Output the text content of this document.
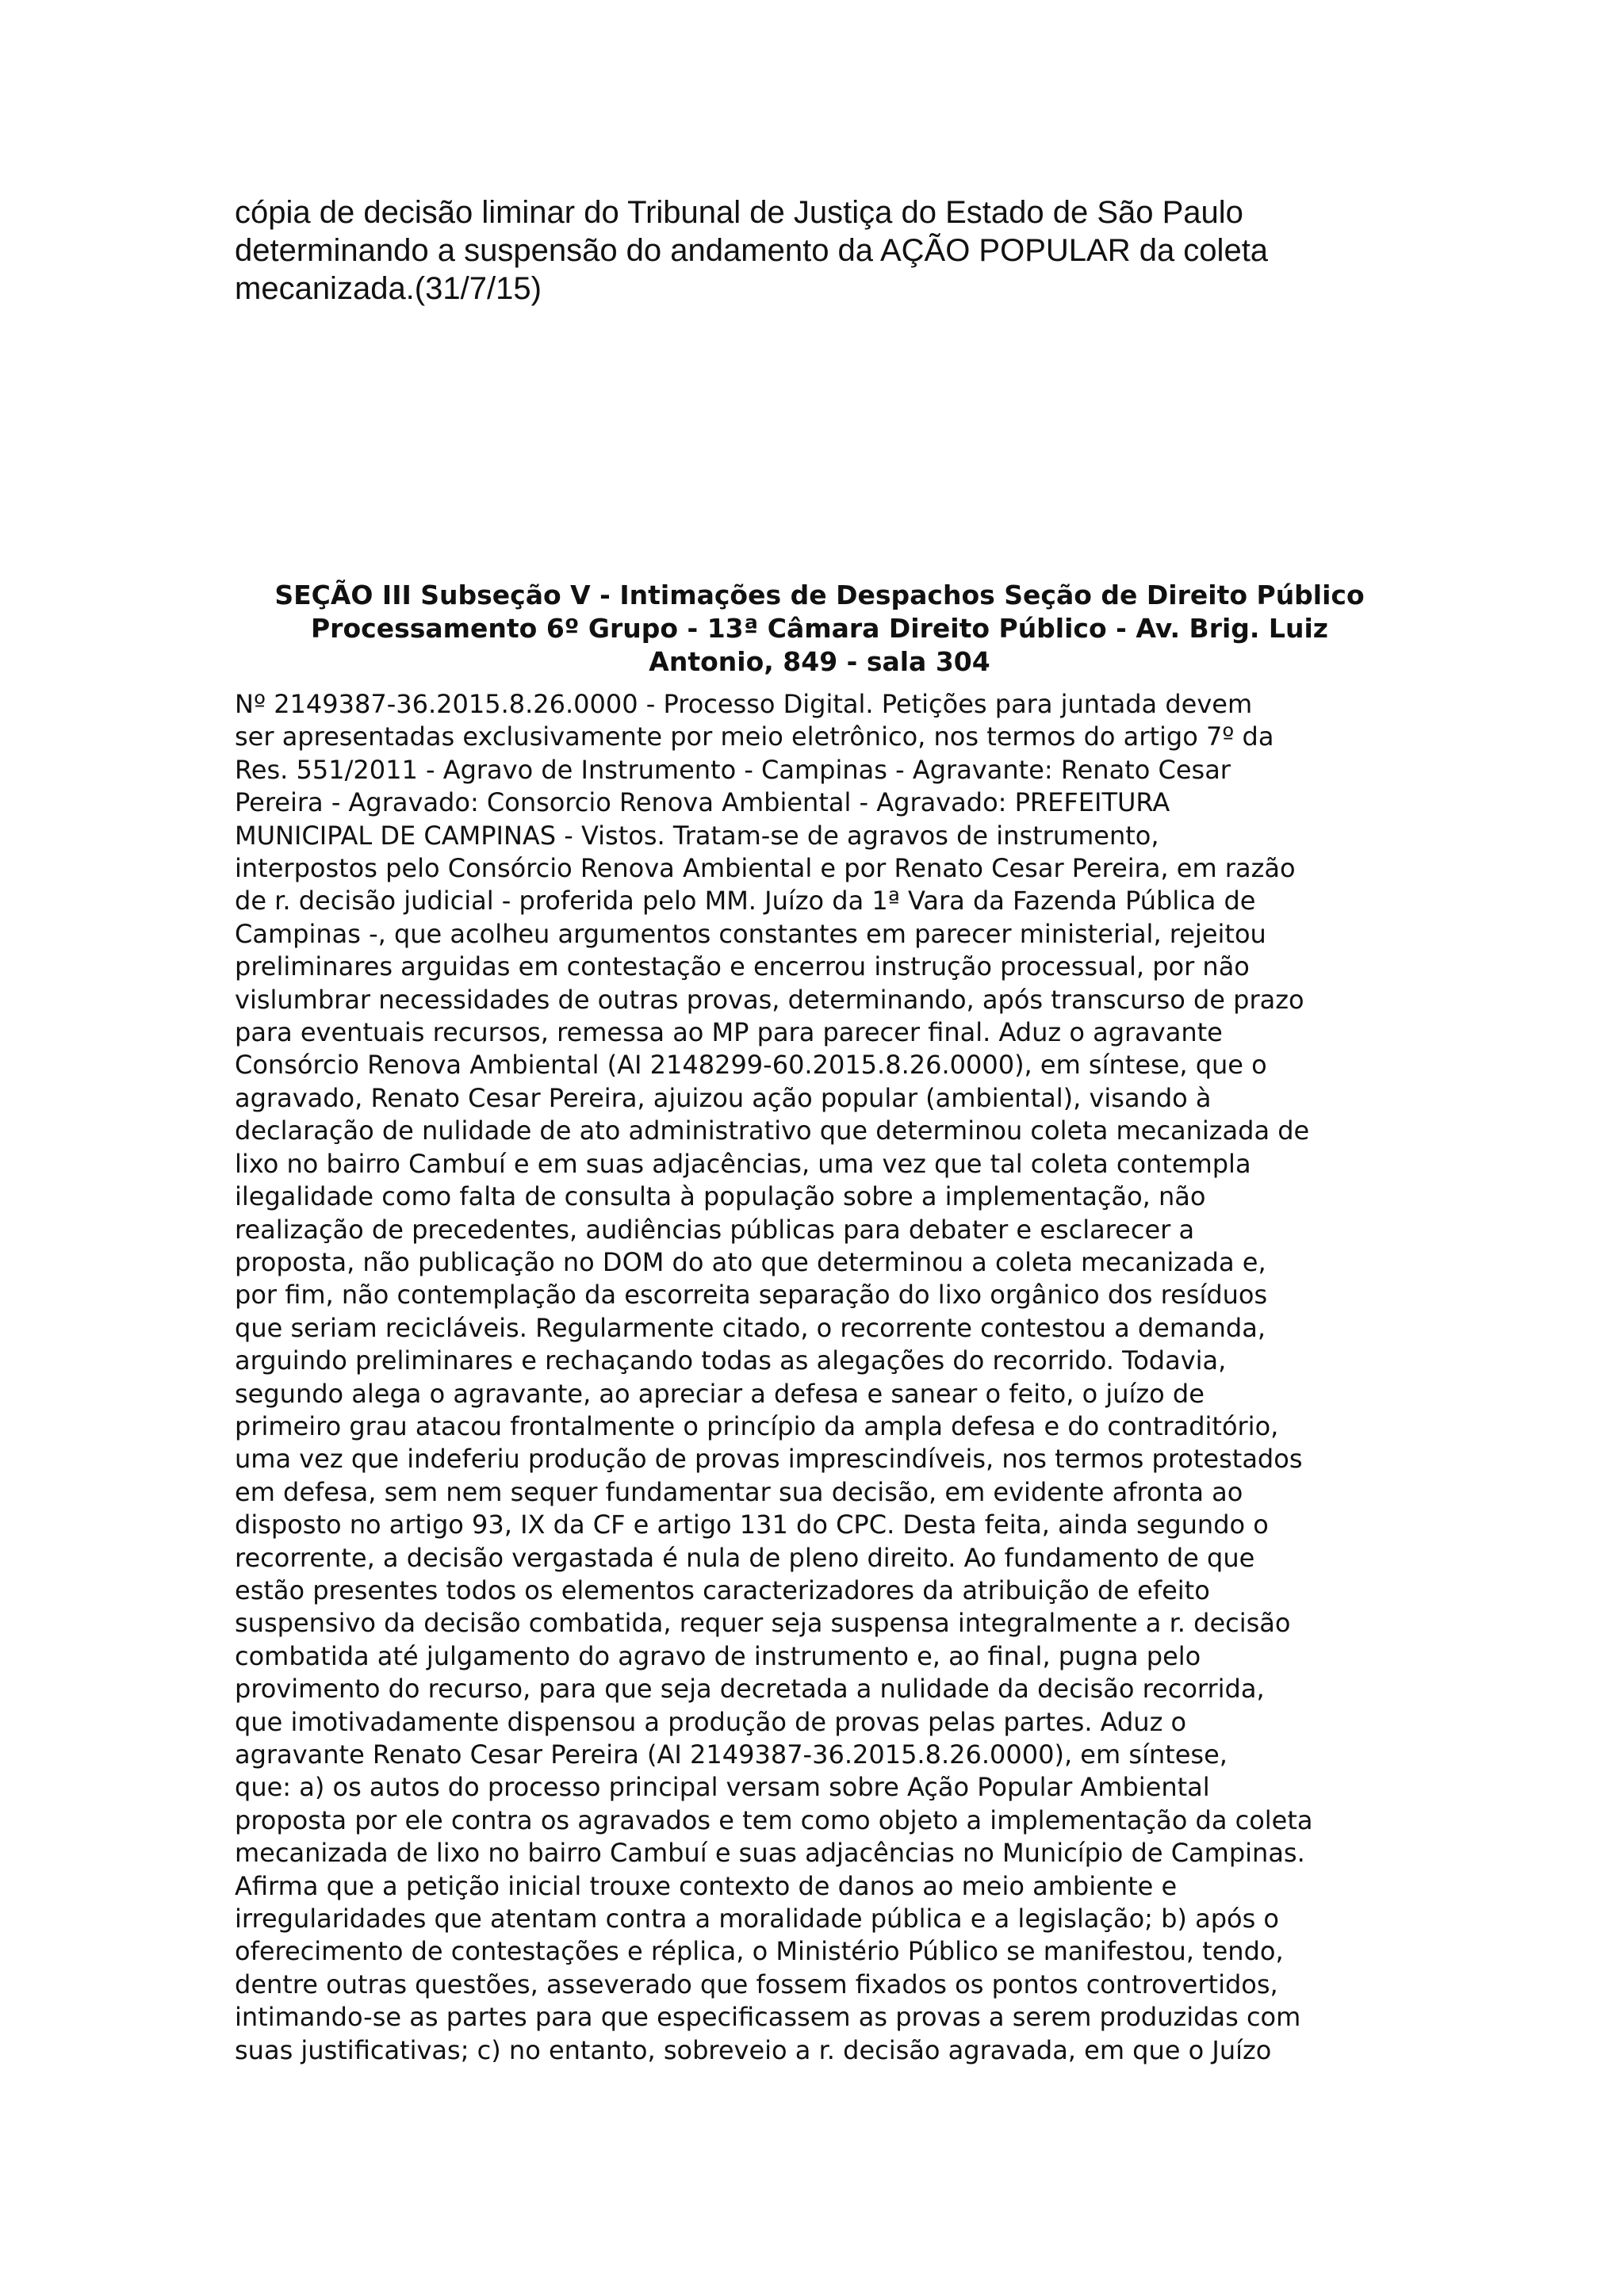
cópia de decisão liminar do Tribunal de Justiça do Estado de São Paulo
determinando a suspensão do andamento da AÇÃO POPULAR da coleta
mecanizada.(31/7/15)
SEÇÃO III Subseção V - Intimações de Despachos Seção de Direito Público
Processamento 6º Grupo - 13ª Câmara Direito Público - Av. Brig. Luiz
Antonio, 849 - sala 304
Nº 2149387-36.2015.8.26.0000 - Processo Digital. Petições para juntada devem
ser apresentadas exclusivamente por meio eletrônico, nos termos do artigo 7º da
Res. 551/2011 - Agravo de Instrumento - Campinas - Agravante: Renato Cesar
Pereira - Agravado: Consorcio Renova Ambiental - Agravado: PREFEITURA
MUNICIPAL DE CAMPINAS - Vistos. Tratam-se de agravos de instrumento,
interpostos pelo Consórcio Renova Ambiental e por Renato Cesar Pereira, em razão
de r. decisão judicial - proferida pelo MM. Juízo da 1ª Vara da Fazenda Pública de
Campinas -, que acolheu argumentos constantes em parecer ministerial, rejeitou
preliminares arguidas em contestação e encerrou instrução processual, por não
vislumbrar necessidades de outras provas, determinando, após transcurso de prazo
para eventuais recursos, remessa ao MP para parecer final. Aduz o agravante
Consórcio Renova Ambiental (AI 2148299-60.2015.8.26.0000), em síntese, que o
agravado, Renato Cesar Pereira, ajuizou ação popular (ambiental), visando à
declaração de nulidade de ato administrativo que determinou coleta mecanizada de
lixo no bairro Cambuí e em suas adjacências, uma vez que tal coleta contempla
ilegalidade como falta de consulta à população sobre a implementação, não
realização de precedentes, audiências públicas para debater e esclarecer a
proposta, não publicação no DOM do ato que determinou a coleta mecanizada e,
por fim, não contemplação da escorreita separação do lixo orgânico dos resíduos
que seriam recicláveis. Regularmente citado, o recorrente contestou a demanda,
arguindo preliminares e rechaçando todas as alegações do recorrido. Todavia,
segundo alega o agravante, ao apreciar a defesa e sanear o feito, o juízo de
primeiro grau atacou frontalmente o princípio da ampla defesa e do contraditório,
uma vez que indeferiu produção de provas imprescindíveis, nos termos protestados
em defesa, sem nem sequer fundamentar sua decisão, em evidente afronta ao
disposto no artigo 93, IX da CF e artigo 131 do CPC. Desta feita, ainda segundo o
recorrente, a decisão vergastada é nula de pleno direito. Ao fundamento de que
estão presentes todos os elementos caracterizadores da atribuição de efeito
suspensivo da decisão combatida, requer seja suspensa integralmente a r. decisão
combatida até julgamento do agravo de instrumento e, ao final, pugna pelo
provimento do recurso, para que seja decretada a nulidade da decisão recorrida,
que imotivadamente dispensou a produção de provas pelas partes. Aduz o
agravante Renato Cesar Pereira (AI 2149387-36.2015.8.26.0000), em síntese,
que: a) os autos do processo principal versam sobre Ação Popular Ambiental
proposta por ele contra os agravados e tem como objeto a implementação da coleta
mecanizada de lixo no bairro Cambuí e suas adjacências no Município de Campinas.
Afirma que a petição inicial trouxe contexto de danos ao meio ambiente e
irregularidades que atentam contra a moralidade pública e a legislação; b) após o
oferecimento de contestações e réplica, o Ministério Público se manifestou, tendo,
dentre outras questões, asseverado que fossem fixados os pontos controvertidos,
intimando-se as partes para que especificassem as provas a serem produzidas com
suas justificativas; c) no entanto, sobreveio a r. decisão agravada, em que o Juízo
